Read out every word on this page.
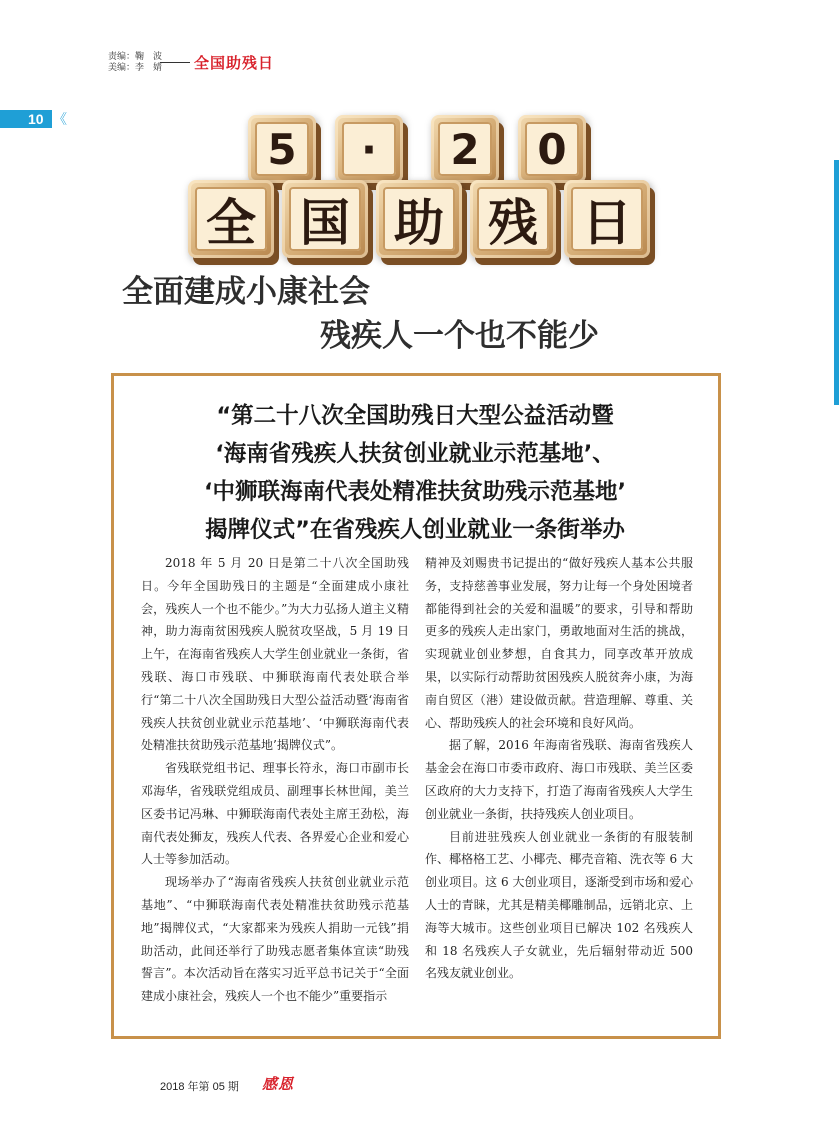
责编：鞠　波
美编：李　婧 全国助残日
10 《
5	·	2 0
全 国 助 残 日
全面建成小康社会
残疾人一个也不能少
“第二十八次全国助残日大型公益活动暨
‘海南省残疾人扶贫创业就业示范基地’、
‘中狮联海南代表处精准扶贫助残示范基地’
揭牌仪式”在省残疾人创业就业一条街举办

2018 年 5 月 20 日是第二十八次全国助残日。今年全国助残日的主题是“全面建成小康社会，残疾人一个也不能少。”为大力弘扬人道主义精神，助力海南贫困残疾人脱贫攻坚战，5 月 19 日上午，在海南省残疾人大学生创业就业一条街，省残联、海口市残联、中狮联海南代表处联合举行“第二十八次全国助残日大型公益活动暨‘海南省残疾人扶贫创业就业示范基地’、‘中狮联海南代表处精准扶贫助残示范基地’揭牌仪式”。

省残联党组书记、理事长符永，海口市副市长邓海华，省残联党组成员、副理事长林世闻，美兰区委书记冯琳、中狮联海南代表处主席王劲松，海南代表处狮友，残疾人代表、各界爱心企业和爱心人士等参加活动。

现场举办了“海南省残疾人扶贫创业就业示范基地”、“中狮联海南代表处精准扶贫助残示范基地”揭牌仪式，“大家都来为残疾人捐助一元钱”捐助活动，此间还举行了助残志愿者集体宣读“助残誓言”。本次活动旨在落实习近平总书记关于“全面建成小康社会，残疾人一个也不能少”重要指示

精神及刘赐贵书记提出的“做好残疾人基本公共服务，支持慈善事业发展，努力让每一个身处困境者都能得到社会的关爱和温暖”的要求，引导和帮助更多的残疾人走出家门，勇敢地面对生活的挑战，实现就业创业梦想，自食其力，同享改革开放成果，以实际行动帮助贫困残疾人脱贫奔小康，为海南自贸区（港）建设做贡献。营造理解、尊重、关心、帮助残疾人的社会环境和良好风尚。

据了解，2016 年海南省残联、海南省残疾人基金会在海口市委市政府、海口市残联、美兰区委区政府的大力支持下，打造了海南省残疾人大学生创业就业一条街，扶持残疾人创业项目。

目前进驻残疾人创业就业一条街的有服装制作、椰格格工艺、小椰壳、椰壳音箱、洗衣等 6 大创业项目。这 6 大创业项目，逐渐受到市场和爱心人士的青睐，尤其是精美椰雕制品，远销北京、上海等大城市。这些创业项目已解决 102 名残疾人和 18 名残疾人子女就业，先后辐射带动近 500 名残友就业创业。

2018 年第 05 期 感恩
